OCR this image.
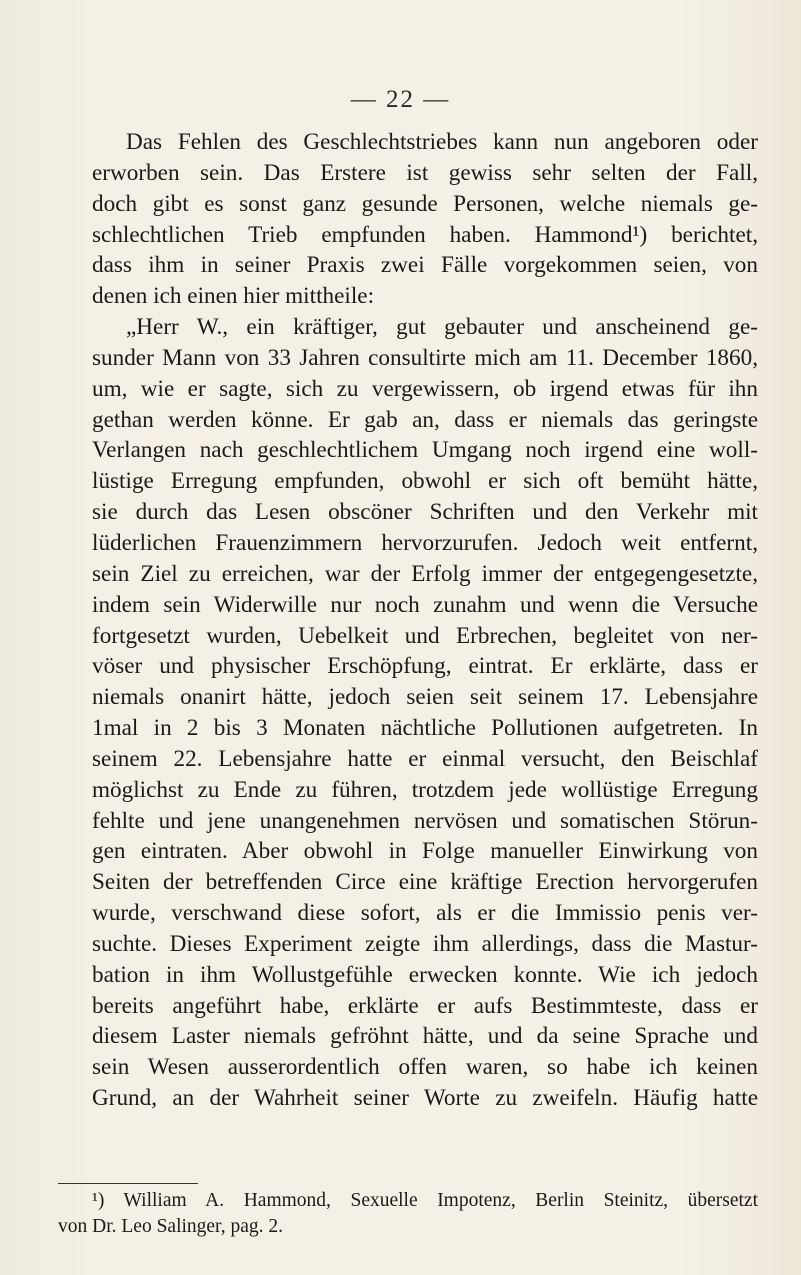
— 22 —

Das Fehlen des Geschlechtstriebes kann nun angeboren oder
erworben sein. Das Erstere ist gewiss sehr selten der Fall,
doch gibt es sonst ganz gesunde Personen, welche niemals ge-
schlechtlichen Trieb empfunden haben. Hammond¹) berichtet,
dass ihm in seiner Praxis zwei Fälle vorgekommen seien, von
denen ich einen hier mittheile:

„Herr W., ein kräftiger, gut gebauter und anscheinend ge-
sunder Mann von 33 Jahren consultirte mich am 11. December 1860,
um, wie er sagte, sich zu vergewissern, ob irgend etwas für ihn
gethan werden könne. Er gab an, dass er niemals das geringste
Verlangen nach geschlechtlichem Umgang noch irgend eine woll-
lüstige Erregung empfunden, obwohl er sich oft bemüht hätte,
sie durch das Lesen obscöner Schriften und den Verkehr mit
lüderlichen Frauenzimmern hervorzurufen. Jedoch weit entfernt,
sein Ziel zu erreichen, war der Erfolg immer der entgegengesetzte,
indem sein Widerwille nur noch zunahm und wenn die Versuche
fortgesetzt wurden, Uebelkeit und Erbrechen, begleitet von ner-
vöser und physischer Erschöpfung, eintrat. Er erklärte, dass er
niemals onanirt hätte, jedoch seien seit seinem 17. Lebensjahre
1mal in 2 bis 3 Monaten nächtliche Pollutionen aufgetreten. In
seinem 22. Lebensjahre hatte er einmal versucht, den Beischlaf
möglichst zu Ende zu führen, trotzdem jede wollüstige Erregung
fehlte und jene unangenehmen nervösen und somatischen Störun-
gen eintraten. Aber obwohl in Folge manueller Einwirkung von
Seiten der betreffenden Circe eine kräftige Erection hervorgerufen
wurde, verschwand diese sofort, als er die Immissio penis ver-
suchte. Dieses Experiment zeigte ihm allerdings, dass die Mastur-
bation in ihm Wollustgefühle erwecken konnte. Wie ich jedoch
bereits angeführt habe, erklärte er aufs Bestimmteste, dass er
diesem Laster niemals gefröhnt hätte, und da seine Sprache und
sein Wesen ausserordentlich offen waren, so habe ich keinen
Grund, an der Wahrheit seiner Worte zu zweifeln. Häufig hatte

¹) William A. Hammond, Sexuelle Impotenz, Berlin Steinitz, übersetzt
von Dr. Leo Salinger, pag. 2.
